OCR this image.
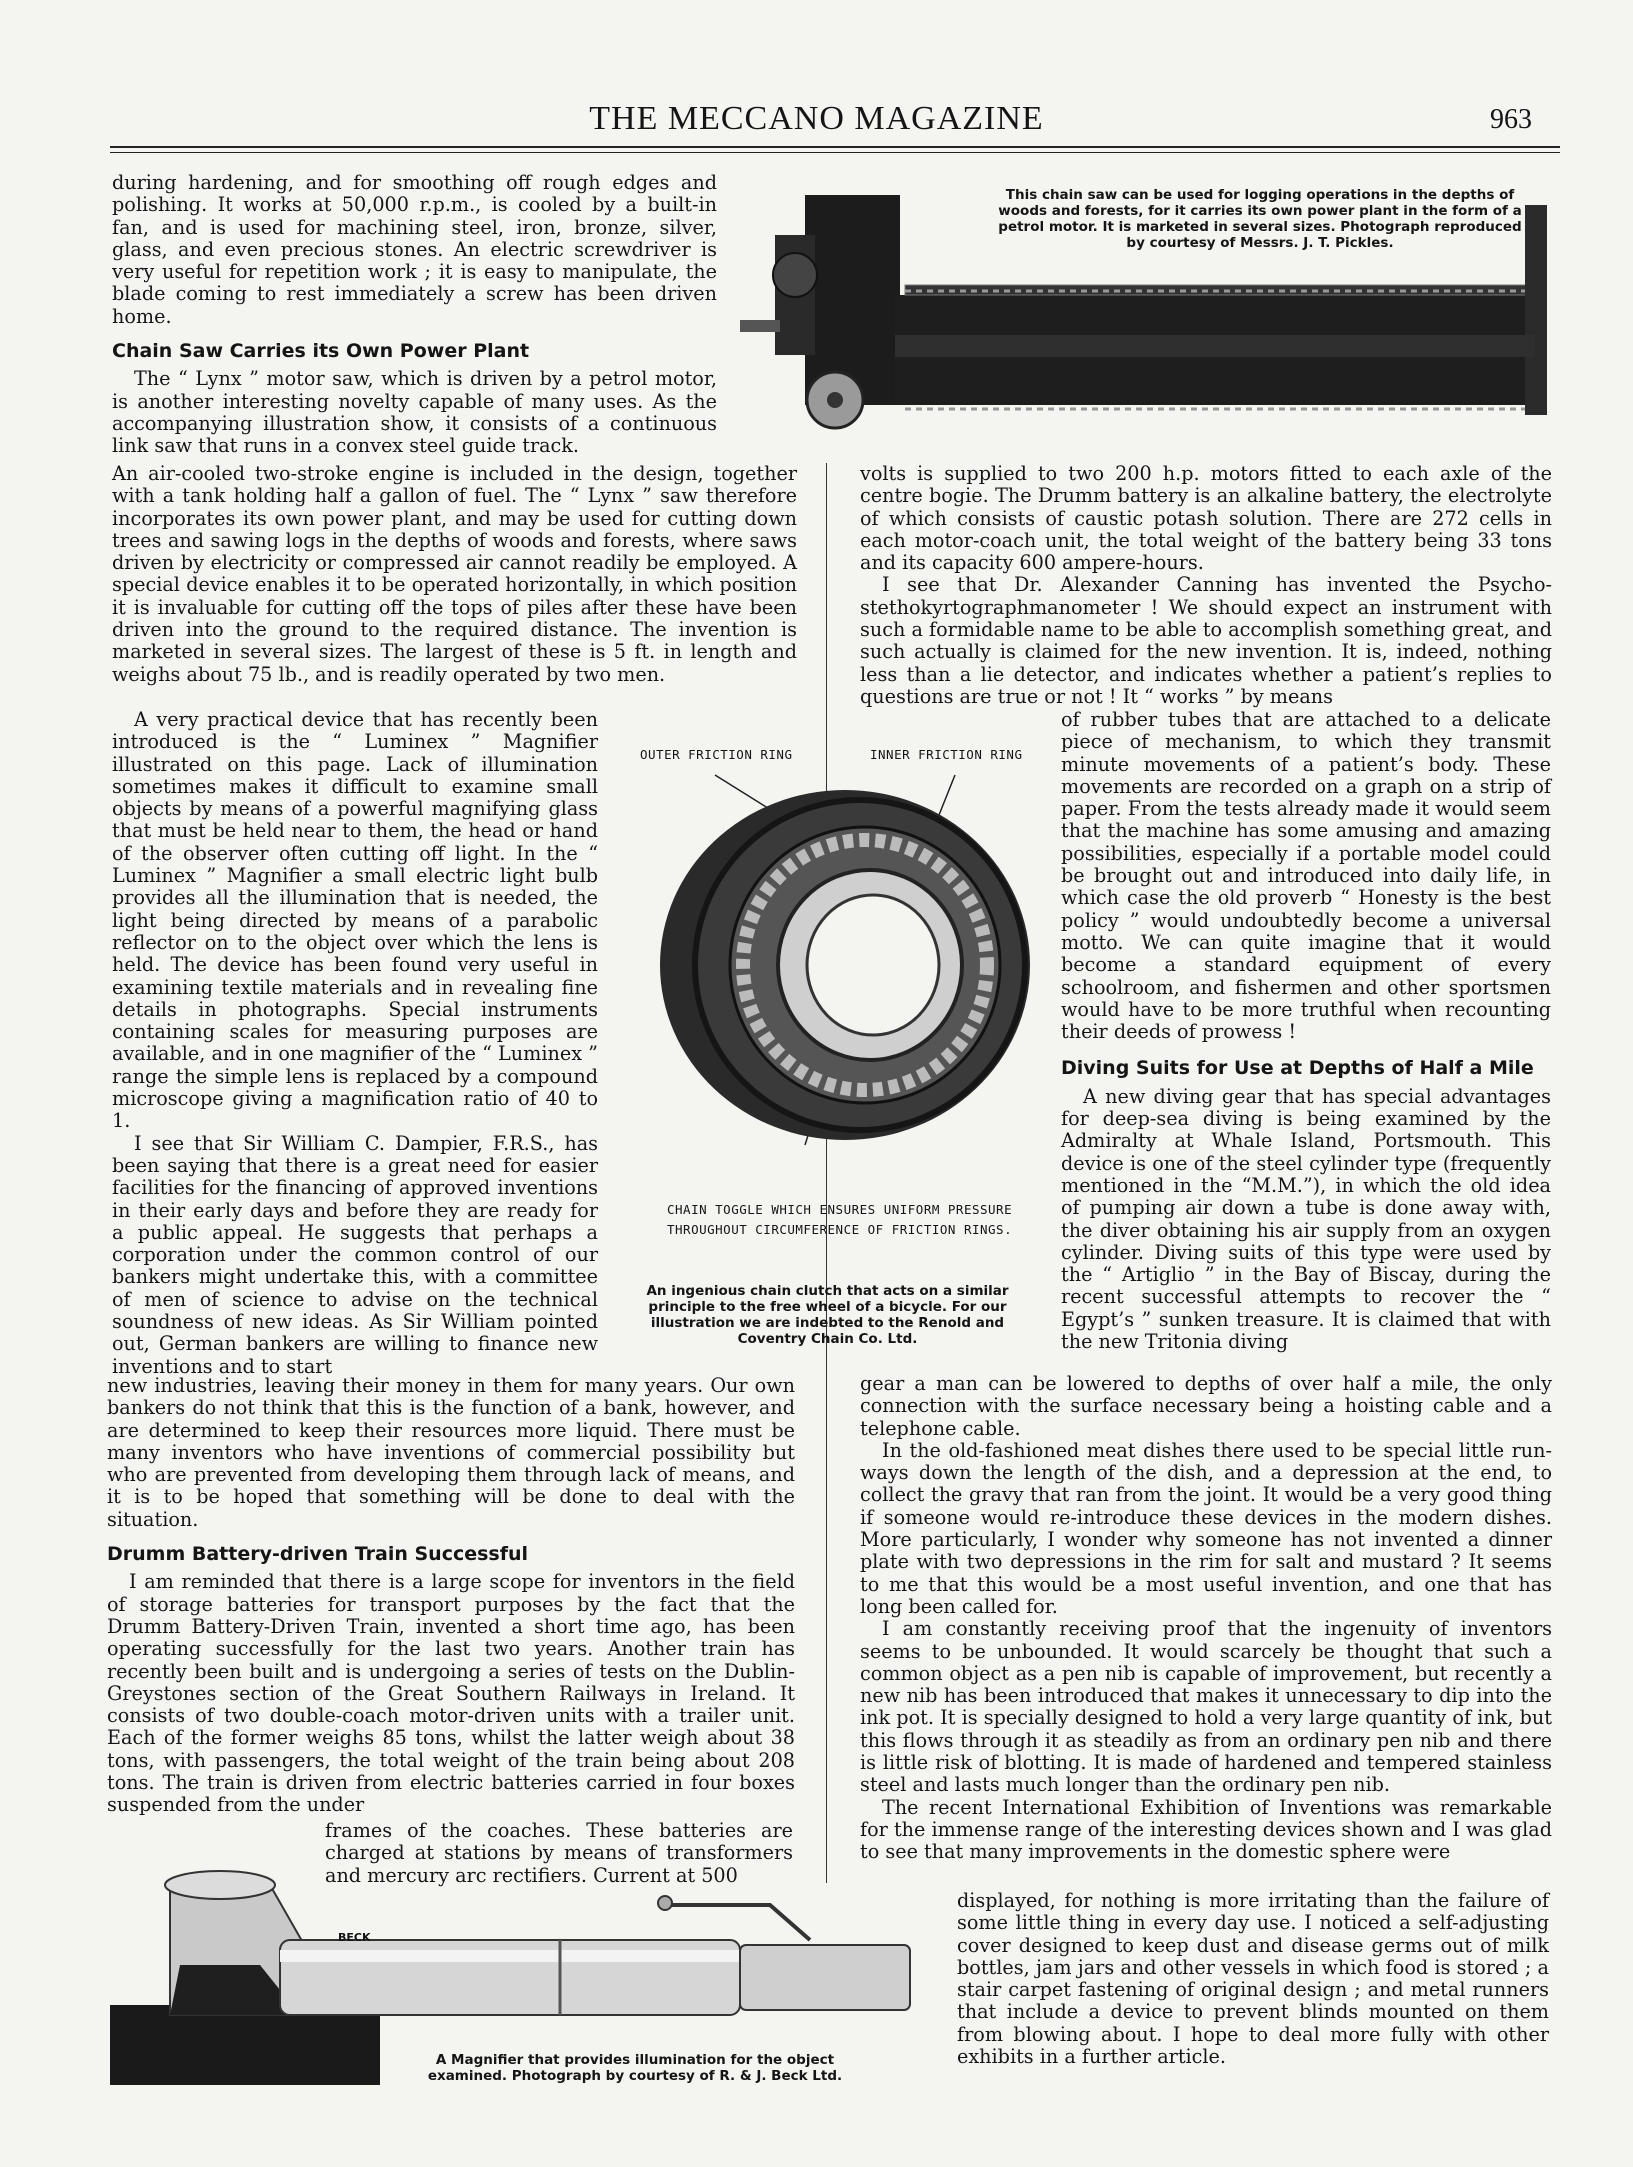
THE MECCANO MAGAZINE	963

during hardening, and for smoothing off rough edges and polishing. It works at 50,000 r.p.m., is cooled by a built-in fan, and is used for machining steel, iron, bronze, silver, glass, and even precious stones. An electric screwdriver is very useful for repetition work ; it is easy to manipulate, the blade coming to rest immediately a screw has been driven home.

Chain Saw Carries its Own Power Plant

The “ Lynx ” motor saw, which is driven by a petrol motor, is another interesting novelty capable of many uses. As the accompanying illustration show, it consists of a continuous link saw that runs in a convex steel guide track.

An air-cooled two-stroke engine is included in the design, together with a tank holding half a gallon of fuel. The “ Lynx ” saw therefore incorporates its own power plant, and may be used for cutting down trees and sawing logs in the depths of woods and forests, where saws driven by electricity or compressed air cannot readily be employed. A special device enables it to be operated horizontally, in which position it is invaluable for cutting off the tops of piles after these have been driven into the ground to the required distance. The invention is marketed in several sizes. The largest of these is 5 ft. in length and weighs about 75 lb., and is readily operated by two men.

A very practical device that has recently been introduced is the “ Luminex ” Magnifier illustrated on this page. Lack of illumination sometimes makes it difficult to examine small objects by means of a powerful magnifying glass that must be held near to them, the head or hand of the observer often cutting off light. In the “ Luminex ” Magnifier a small electric light bulb provides all the illumination that is needed, the light being directed by means of a parabolic reflector on to the object over which the lens is held. The device has been found very useful in examining textile materials and in revealing fine details in photographs. Special instruments containing scales for measuring purposes are available, and in one magnifier of the “ Luminex ” range the simple lens is replaced by a compound microscope giving a magnification ratio of 40 to 1.

I see that Sir William C. Dampier, F.R.S., has been saying that there is a great need for easier facilities for the financing of approved inventions in their early days and before they are ready for a public appeal. He suggests that perhaps a corporation under the common control of our bankers might undertake this, with a committee of men of science to advise on the technical soundness of new ideas. As Sir William pointed out, German bankers are willing to finance new inventions and to start

new industries, leaving their money in them for many years. Our own bankers do not think that this is the function of a bank, however, and are determined to keep their resources more liquid. There must be many inventors who have inventions of commercial possibility but who are prevented from developing them through lack of means, and it is to be hoped that something will be done to deal with the situation.

Drumm Battery-driven Train Successful

I am reminded that there is a large scope for inventors in the field of storage batteries for transport purposes by the fact that the Drumm Battery-Driven Train, invented a short time ago, has been operating successfully for the last two years. Another train has recently been built and is undergoing a series of tests on the Dublin-Greystones section of the Great Southern Railways in Ireland. It consists of two double-coach motor-driven units with a trailer unit. Each of the former weighs 85 tons, whilst the latter weigh about 38 tons, with passengers, the total weight of the train being about 208 tons. The train is driven from electric batteries carried in four boxes suspended from the under

frames of the coaches. These batteries are charged at stations by means of transformers and mercury arc rectifiers. Current at 500

volts is supplied to two 200 h.p. motors fitted to each axle of the centre bogie. The Drumm battery is an alkaline battery, the electrolyte of which consists of caustic potash solution. There are 272 cells in each motor-coach unit, the total weight of the battery being 33 tons and its capacity 600 ampere-hours.

I see that Dr. Alexander Canning has invented the Psycho-stethokyrtographmanometer ! We should expect an instrument with such a formidable name to be able to accomplish something great, and such actually is claimed for the new invention. It is, indeed, nothing less than a lie detector, and indicates whether a patient’s replies to questions are true or not ! It “ works ” by means

of rubber tubes that are attached to a delicate piece of mechanism, to which they transmit minute movements of a patient’s body. These movements are recorded on a graph on a strip of paper. From the tests already made it would seem that the machine has some amusing and amazing possibilities, especially if a portable model could be brought out and introduced into daily life, in which case the old proverb “ Honesty is the best policy ” would undoubtedly become a universal motto. We can quite imagine that it would become a standard equipment of every schoolroom, and fishermen and other sportsmen would have to be more truthful when recounting their deeds of prowess !

Diving Suits for Use at Depths of Half a Mile

A new diving gear that has special advantages for deep-sea diving is being examined by the Admiralty at Whale Island, Portsmouth. This device is one of the steel cylinder type (frequently mentioned in the “M.M.”), in which the old idea of pumping air down a tube is done away with, the diver obtaining his air supply from an oxygen cylinder. Diving suits of this type were used by the “ Artiglio ” in the Bay of Biscay, during the recent successful attempts to recover the “ Egypt’s ” sunken treasure. It is claimed that with the new Tritonia diving

gear a man can be lowered to depths of over half a mile, the only connection with the surface necessary being a hoisting cable and a telephone cable.

In the old-fashioned meat dishes there used to be special little run-ways down the length of the dish, and a depression at the end, to collect the gravy that ran from the joint. It would be a very good thing if someone would re-introduce these devices in the modern dishes. More particularly, I wonder why someone has not invented a dinner plate with two depressions in the rim for salt and mustard ? It seems to me that this would be a most useful invention, and one that has long been called for.

I am constantly receiving proof that the ingenuity of inventors seems to be unbounded. It would scarcely be thought that such a common object as a pen nib is capable of improvement, but recently a new nib has been introduced that makes it unnecessary to dip into the ink pot. It is specially designed to hold a very large quantity of ink, but this flows through it as steadily as from an ordinary pen nib and there is little risk of blotting. It is made of hardened and tempered stainless steel and lasts much longer than the ordinary pen nib.

The recent International Exhibition of Inventions was remarkable for the immense range of the interesting devices shown and I was glad to see that many improvements in the domestic sphere were

displayed, for nothing is more irritating than the failure of some little thing in every day use. I noticed a self-adjusting cover designed to keep dust and disease germs out of milk bottles, jam jars and other vessels in which food is stored ; a stair carpet fastening of original design ; and metal runners that include a device to prevent blinds mounted on them from blowing about. I hope to deal more fully with other exhibits in a further article.

This chain saw can be used for logging operations in the depths of woods and forests, for it carries its own power plant in the form of a petrol motor. It is marketed in several sizes. Photograph reproduced by courtesy of Messrs. J. T. Pickles.
OUTER FRICTION RING	INNER FRICTION RING
CHAIN TOGGLE WHICH ENSURES UNIFORM PRESSURE THROUGHOUT CIRCUMFERENCE OF FRICTION RINGS.
An ingenious chain clutch that acts on a similar principle to the free wheel of a bicycle. For our illustration we are indebted to the Renold and Coventry Chain Co. Ltd.
BECK
A Magnifier that provides illumination for the object examined. Photograph by courtesy of R. & J. Beck Ltd.
